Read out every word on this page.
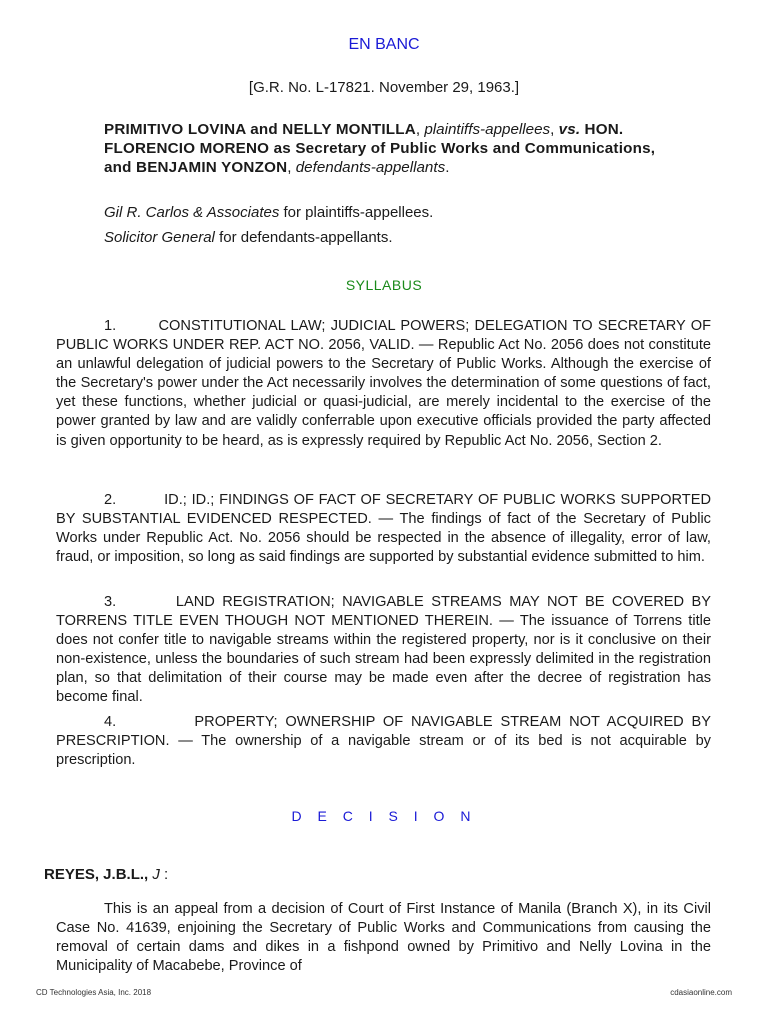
EN BANC
[G.R. No. L-17821. November 29, 1963.]
PRIMITIVO LOVINA and NELLY MONTILLA, plaintiffs-appellees, vs. HON. FLORENCIO MORENO as Secretary of Public Works and Communications, and BENJAMIN YONZON, defendants-appellants.
Gil R. Carlos & Associates for plaintiffs-appellees.
Solicitor General for defendants-appellants.
SYLLABUS
1.	CONSTITUTIONAL LAW; JUDICIAL POWERS; DELEGATION TO SECRETARY OF PUBLIC WORKS UNDER REP. ACT NO. 2056, VALID. — Republic Act No. 2056 does not constitute an unlawful delegation of judicial powers to the Secretary of Public Works. Although the exercise of the Secretary's power under the Act necessarily involves the determination of some questions of fact, yet these functions, whether judicial or quasi-judicial, are merely incidental to the exercise of the power granted by law and are validly conferrable upon executive officials provided the party affected is given opportunity to be heard, as is expressly required by Republic Act No. 2056, Section 2.
2.	ID.; ID.; FINDINGS OF FACT OF SECRETARY OF PUBLIC WORKS SUPPORTED BY SUBSTANTIAL EVIDENCED RESPECTED. — The findings of fact of the Secretary of Public Works under Republic Act. No. 2056 should be respected in the absence of illegality, error of law, fraud, or imposition, so long as said findings are supported by substantial evidence submitted to him.
3.	LAND REGISTRATION; NAVIGABLE STREAMS MAY NOT BE COVERED BY TORRENS TITLE EVEN THOUGH NOT MENTIONED THEREIN. — The issuance of Torrens title does not confer title to navigable streams within the registered property, nor is it conclusive on their non-existence, unless the boundaries of such stream had been expressly delimited in the registration plan, so that delimitation of their course may be made even after the decree of registration has become final.
4.	PROPERTY; OWNERSHIP OF NAVIGABLE STREAM NOT ACQUIRED BY PRESCRIPTION. — The ownership of a navigable stream or of its bed is not acquirable by prescription.
D E C I S I O N
REYES, J.B.L., J :
This is an appeal from a decision of Court of First Instance of Manila (Branch X), in its Civil Case No. 41639, enjoining the Secretary of Public Works and Communications from causing the removal of certain dams and dikes in a fishpond owned by Primitivo and Nelly Lovina in the Municipality of Macabebe, Province of
CD Technologies Asia, Inc. 2018	cdasiaonline.com
